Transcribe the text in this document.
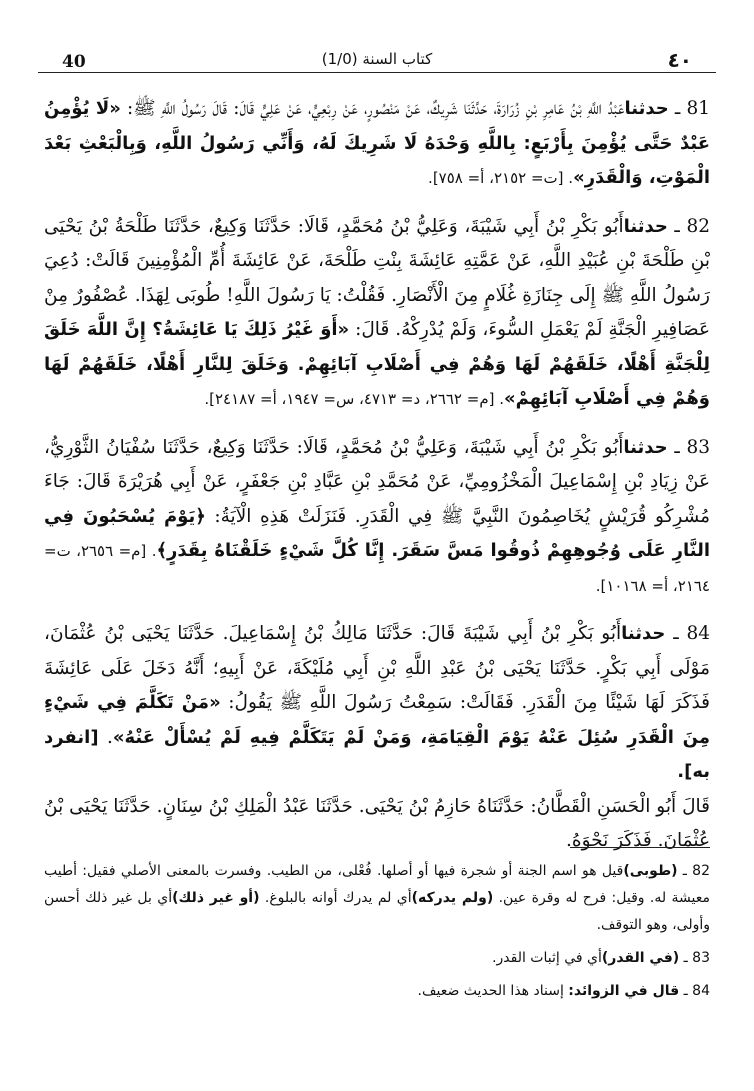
40	(1/0) كتاب السنة	٤٠

81 ـ حدثناعَبْدُ اللَّهِ بْنُ عَامِرِ بْنِ زُرَارَةَ، حَدَّثَنَا شَرِيكٌ، عَنْ مَنْصُورٍ، عَنْ رِبْعِيٍّ، عَنْ عَلِيٍّ قَالَ: قَالَ رَسُولُ اللَّهِ ﷺ: «لَا يُؤْمِنُ عَبْدٌ حَتَّى يُؤْمِنَ بِأَرْبَعٍ: بِاللَّهِ وَحْدَهُ لَا شَرِيكَ لَهُ، وَأَنِّي رَسُولُ اللَّهِ، وَبِالْبَعْثِ بَعْدَ الْمَوْتِ، وَالْقَدَرِ». [ت= ٢١٥٢، أ= ٧٥٨].

82 ـ حدثناأَبُو بَكْرِ بْنُ أَبِي شَيْبَةَ، وَعَلِيُّ بْنُ مُحَمَّدٍ، قَالَا: حَدَّثَنَا وَكِيعٌ، حَدَّثَنَا طَلْحَةُ بْنُ يَحْيَى بْنِ طَلْحَةَ بْنِ عُبَيْدِ اللَّهِ، عَنْ عَمَّتِهِ عَائِشَةَ بِنْتِ طَلْحَةَ، عَنْ عَائِشَةَ أُمِّ الْمُؤْمِنِينَ قَالَتْ: دُعِيَ رَسُولُ اللَّهِ ﷺ إِلَى جِنَازَةِ غُلَامٍ مِنَ الْأَنْصَارِ. فَقُلْتُ: يَا رَسُولَ اللَّهِ! طُوبَى لِهَذَا. عُصْفُورٌ مِنْ عَصَافِيرِ الْجَنَّةِ لَمْ يَعْمَلِ السُّوءَ، وَلَمْ يُدْرِكْهُ. قَالَ: «أَوَ غَيْرُ ذَلِكَ يَا عَائِشَةُ؟ إِنَّ اللَّهَ خَلَقَ لِلْجَنَّةِ أَهْلًا، خَلَقَهُمْ لَهَا وَهُمْ فِي أَصْلَابِ آبَائِهِمْ. وَخَلَقَ لِلنَّارِ أَهْلًا، خَلَقَهُمْ لَهَا وَهُمْ فِي أَصْلَابِ آبَائِهِمْ». [م= ٢٦٦٢، د= ٤٧١٣، س= ١٩٤٧، أ= ٢٤١٨٧].

83 ـ حدثناأَبُو بَكْرِ بْنُ أَبِي شَيْبَةَ، وَعَلِيُّ بْنُ مُحَمَّدٍ، قَالَا: حَدَّثَنَا وَكِيعٌ، حَدَّثَنَا سُفْيَانُ الثَّوْرِيُّ، عَنْ زِيَادِ بْنِ إِسْمَاعِيلَ الْمَخْزُومِيِّ، عَنْ مُحَمَّدِ بْنِ عَبَّادِ بْنِ جَعْفَرٍ، عَنْ أَبِي هُرَيْرَةَ قَالَ: جَاءَ مُشْرِكُو قُرَيْشٍ يُخَاصِمُونَ النَّبِيَّ ﷺ فِي الْقَدَرِ. فَنَزَلَتْ هَذِهِ الْآيَةُ: ﴿يَوْمَ يُسْحَبُونَ فِي النَّارِ عَلَى وُجُوهِهِمْ ذُوقُوا مَسَّ سَقَرَ. إِنَّا كُلَّ شَيْءٍ خَلَقْنَاهُ بِقَدَرٍ﴾. [م= ٢٦٥٦، ت= ٢١٦٤، أ= ١٠١٦٨].

84 ـ حدثناأَبُو بَكْرِ بْنُ أَبِي شَيْبَةَ قَالَ: حَدَّثَنَا مَالِكُ بْنُ إِسْمَاعِيلَ. حَدَّثَنَا يَحْيَى بْنُ عُثْمَانَ، مَوْلَى أَبِي بَكْرٍ. حَدَّثَنَا يَحْيَى بْنُ عَبْدِ اللَّهِ بْنِ أَبِي مُلَيْكَةَ، عَنْ أَبِيهِ؛ أَنَّهُ دَخَلَ عَلَى عَائِشَةَ فَذَكَرَ لَهَا شَيْئًا مِنَ الْقَدَرِ. فَقَالَتْ: سَمِعْتُ رَسُولَ اللَّهِ ﷺ يَقُولُ: «مَنْ تَكَلَّمَ فِي شَيْءٍ مِنَ الْقَدَرِ سُئِلَ عَنْهُ يَوْمَ الْقِيَامَةِ، وَمَنْ لَمْ يَتَكَلَّمْ فِيهِ لَمْ يُسْأَلْ عَنْهُ». [انفرد به].

قَالَ أَبُو الْحَسَنِ الْقَطَّانُ: حَدَّثَنَاهُ حَازِمُ بْنُ يَحْيَى. حَدَّثَنَا عَبْدُ الْمَلِكِ بْنُ سِنَانٍ. حَدَّثَنَا يَحْيَى بْنُ عُثْمَانَ. فَذَكَرَ نَحْوَهُ.

82 ـ (طوبى)قيل هو اسم الجنة أو شجرة فيها أو أصلها. فُعْلى، من الطيب. وفسرت بالمعنى الأصلي فقيل: أطيب معيشة له. وقيل: فرح له وقرة عين. (ولم يدركه)أي لم يدرك أوانه بالبلوغ. (أو غير ذلك)أي بل غير ذلك أحسن وأولى، وهو التوقف.

83 ـ (في القدر)أي في إثبات القدر.

84 ـ قال في الزوائد: إسناد هذا الحديث ضعيف.
